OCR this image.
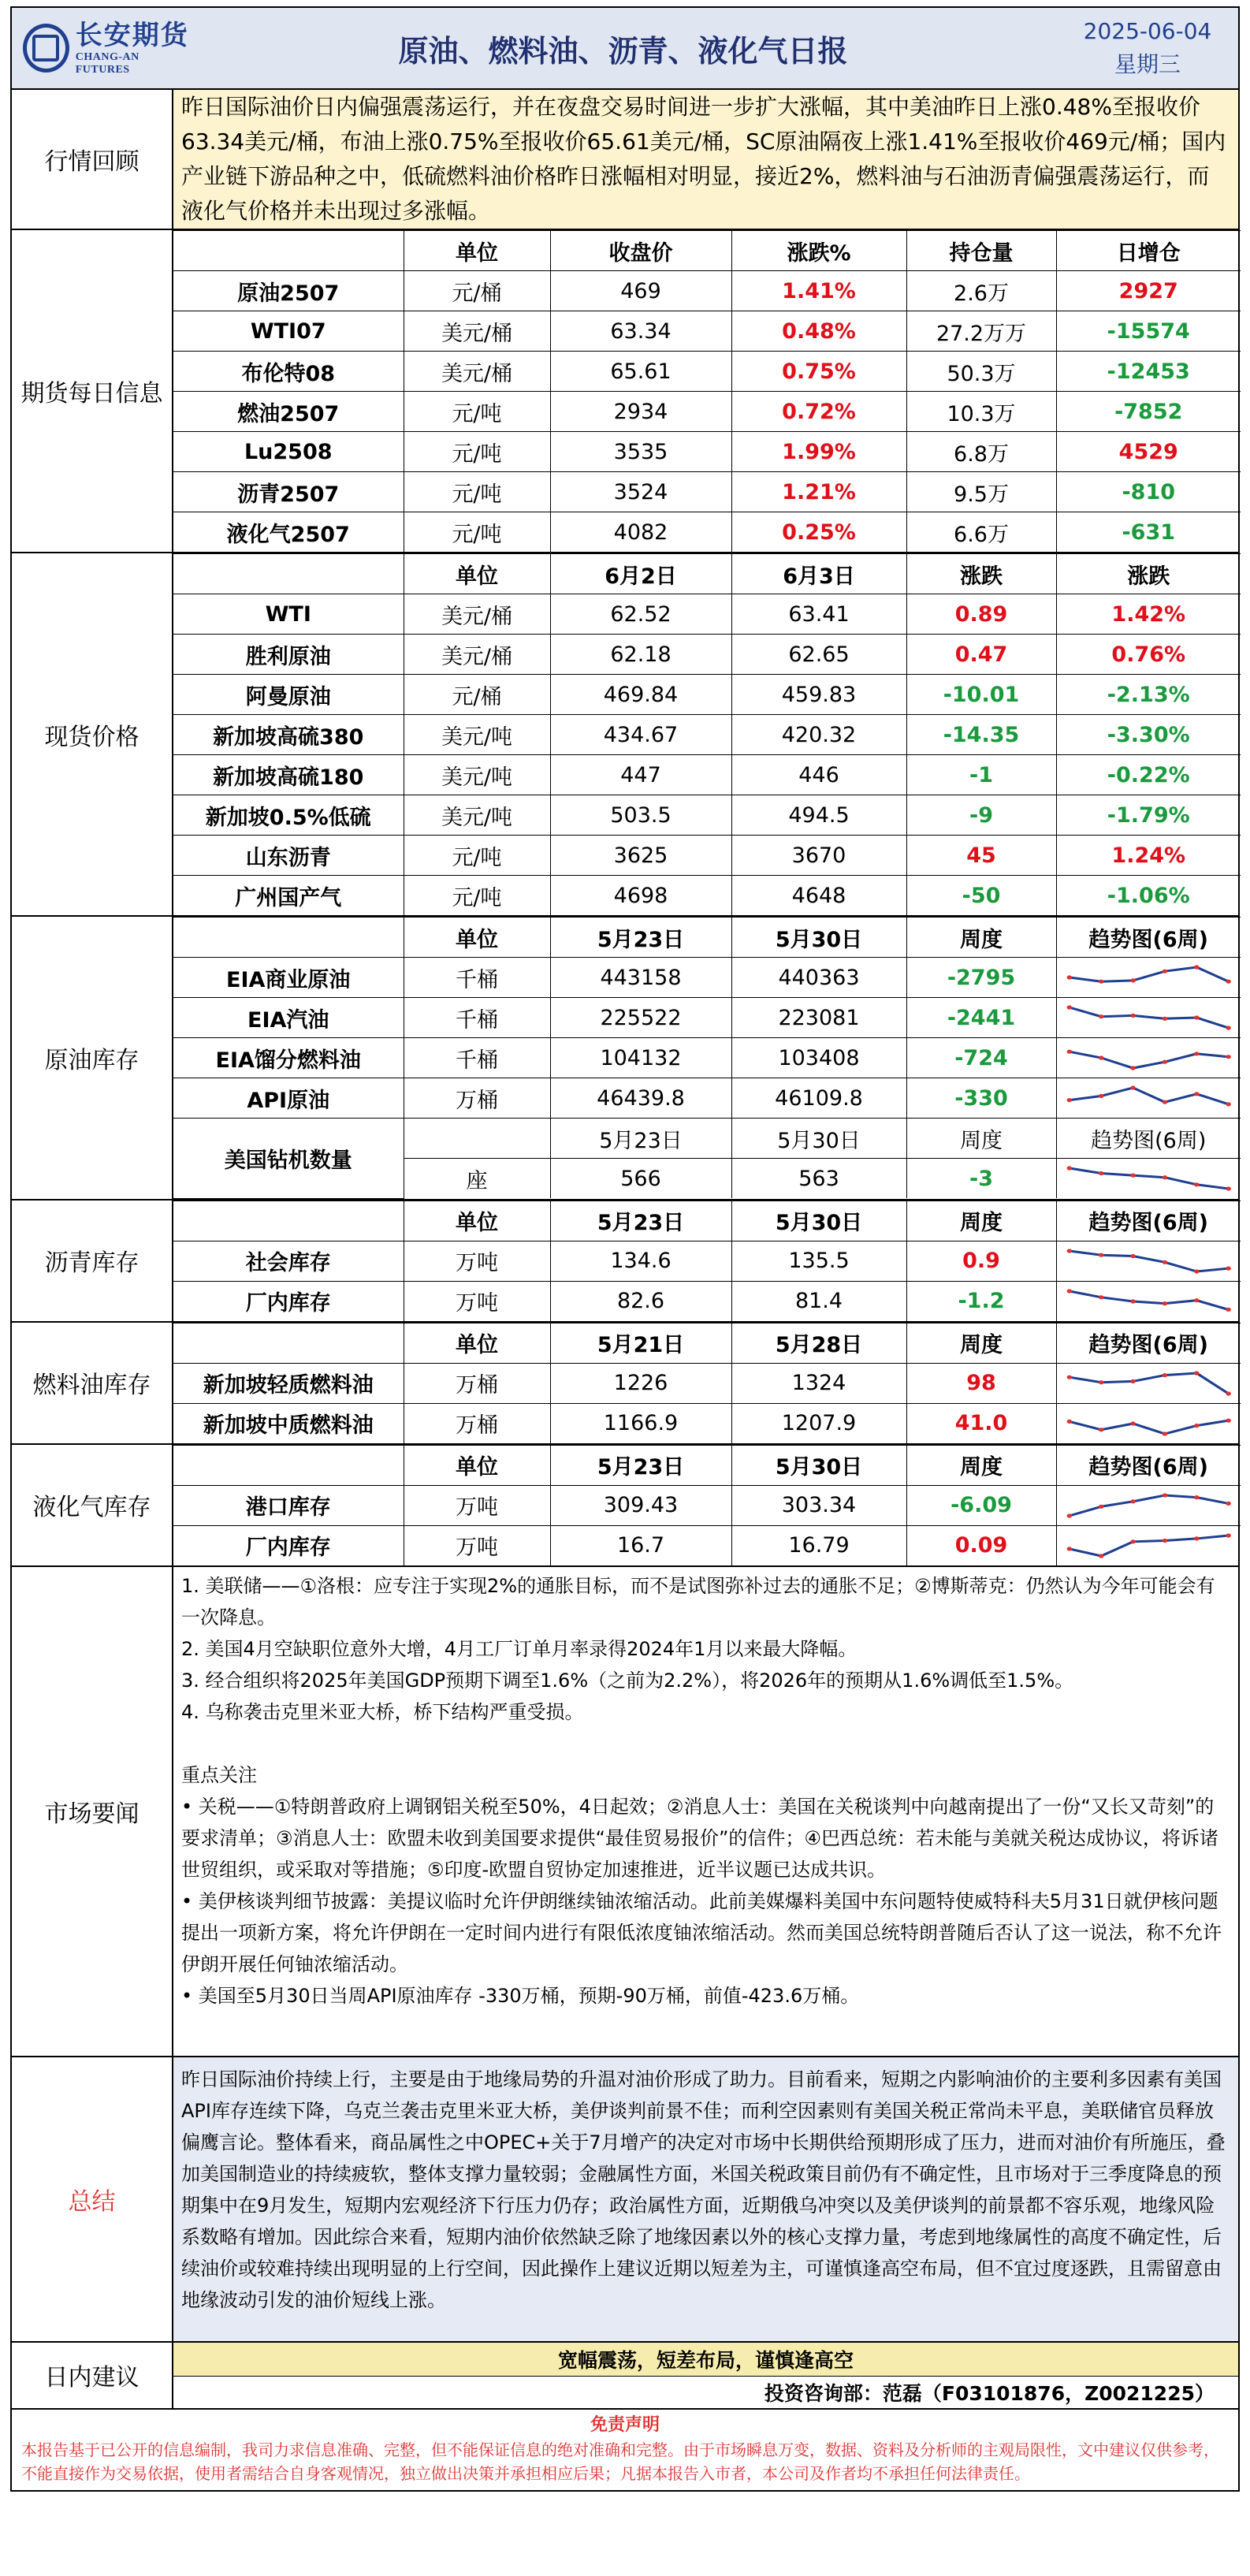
长安期货
CHANG-AN FUTURES
原油、燃料油、沥青、液化气日报
2025-06-04
星期三
行情回顾
昨日国际油价日内偏强震荡运行，并在夜盘交易时间进一步扩大涨幅，其中美油昨日上涨0.48%至报收价63.34美元/桶，布油上涨0.75%至报收价65.61美元/桶，SC原油隔夜上涨1.41%至报收价469元/桶；国内产业链下游品种之中，低硫燃料油价格昨日涨幅相对明显，接近2%，燃料油与石油沥青偏强震荡运行，而液化气价格并未出现过多涨幅。
期货每日信息
	单位	收盘价	涨跌%	持仓量	日增仓
原油2507	元/桶	469	1.41%	2.6万	2927
WTI07	美元/桶	63.34	0.48%	27.2万万	-15574
布伦特08	美元/桶	65.61	0.75%	50.3万	-12453
燃油2507	元/吨	2934	0.72%	10.3万	-7852
Lu2508	元/吨	3535	1.99%	6.8万	4529
沥青2507	元/吨	3524	1.21%	9.5万	-810
液化气2507	元/吨	4082	0.25%	6.6万	-631
现货价格
	单位	6月2日	6月3日	涨跌	涨跌
WTI	美元/桶	62.52	63.41	0.89	1.42%
胜利原油	美元/桶	62.18	62.65	0.47	0.76%
阿曼原油	元/桶	469.84	459.83	-10.01	-2.13%
新加坡高硫380	美元/吨	434.67	420.32	-14.35	-3.30%
新加坡高硫180	美元/吨	447	446	-1	-0.22%
新加坡0.5%低硫	美元/吨	503.5	494.5	-9	-1.79%
山东沥青	元/吨	3625	3670	45	1.24%
广州国产气	元/吨	4698	4648	-50	-1.06%
原油库存
	单位	5月23日	5月30日	周度	趋势图(6周)
EIA商业原油	千桶	443158	440363	-2795	

EIA汽油	千桶	225522	223081	-2441	

EIA馏分燃料油	千桶	104132	103408	-724	

API原油	万桶	46439.8	46109.8	-330	

美国钻机数量		5月23日	5月30日	周度	趋势图(6周)
	座	566	563	-3	
沥青库存
	单位	5月23日	5月30日	周度	趋势图(6周)
社会库存	万吨	134.6	135.5	0.9	

厂内库存	万吨	82.6	81.4	-1.2	
燃料油库存
	单位	5月21日	5月28日	周度	趋势图(6周)
新加坡轻质燃料油	万桶	1226	1324	98	

新加坡中质燃料油	万桶	1166.9	1207.9	41.0	
液化气库存
	单位	5月23日	5月30日	周度	趋势图(6周)
港口库存	万吨	309.43	303.34	-6.09	

厂内库存	万吨	16.7	16.79	0.09	
市场要闻

1. 美联储——①洛根：应专注于实现2%的通胀目标，而不是试图弥补过去的通胀不足；②博斯蒂克：仍然认为今年可能会有一次降息。

2. 美国4月空缺职位意外大增，4月工厂订单月率录得2024年1月以来最大降幅。

3. 经合组织将2025年美国GDP预期下调至1.6%（之前为2.2%），将2026年的预期从1.6%调低至1.5%。

4. 乌称袭击克里米亚大桥，桥下结构严重受损。

重点关注

• 关税——①特朗普政府上调钢铝关税至50%，4日起效；②消息人士：美国在关税谈判中向越南提出了一份“又长又苛刻”的要求清单；③消息人士：欧盟未收到美国要求提供“最佳贸易报价”的信件；④巴西总统：若未能与美就关税达成协议，将诉诸世贸组织，或采取对等措施；⑤印度-欧盟自贸协定加速推进，近半议题已达成共识。

• 美伊核谈判细节披露：美提议临时允许伊朗继续铀浓缩活动。此前美媒爆料美国中东问题特使威特科夫5月31日就伊核问题提出一项新方案，将允许伊朗在一定时间内进行有限低浓度铀浓缩活动。然而美国总统特朗普随后否认了这一说法，称不允许伊朗开展任何铀浓缩活动。

• 美国至5月30日当周API原油库存 -330万桶，预期-90万桶，前值-423.6万桶。

总结
昨日国际油价持续上行，主要是由于地缘局势的升温对油价形成了助力。目前看来，短期之内影响油价的主要利多因素有美国API库存连续下降，乌克兰袭击克里米亚大桥，美伊谈判前景不佳；而利空因素则有美国关税正常尚未平息，美联储官员释放偏鹰言论。整体看来，商品属性之中OPEC+关于7月增产的决定对市场中长期供给预期形成了压力，进而对油价有所施压，叠加美国制造业的持续疲软，整体支撑力量较弱；金融属性方面，米国关税政策目前仍有不确定性，且市场对于三季度降息的预期集中在9月发生，短期内宏观经济下行压力仍存；政治属性方面，近期俄乌冲突以及美伊谈判的前景都不容乐观，地缘风险系数略有增加。因此综合来看，短期内油价依然缺乏除了地缘因素以外的核心支撑力量，考虑到地缘属性的高度不确定性，后续油价或较难持续出现明显的上行空间，因此操作上建议近期以短差为主，可谨慎逢高空布局，但不宜过度逐跌，且需留意由地缘波动引发的油价短线上涨。
日内建议
宽幅震荡，短差布局，谨慎逢高空
投资咨询部：范磊（F03101876，Z0021225）
免责声明
本报告基于已公开的信息编制，我司力求信息准确、完整，但不能保证信息的绝对准确和完整。由于市场瞬息万变，数据、资料及分析师的主观局限性，文中建议仅供参考，不能直接作为交易依据，使用者需结合自身客观情况，独立做出决策并承担相应后果；凡据本报告入市者，本公司及作者均不承担任何法律责任。
